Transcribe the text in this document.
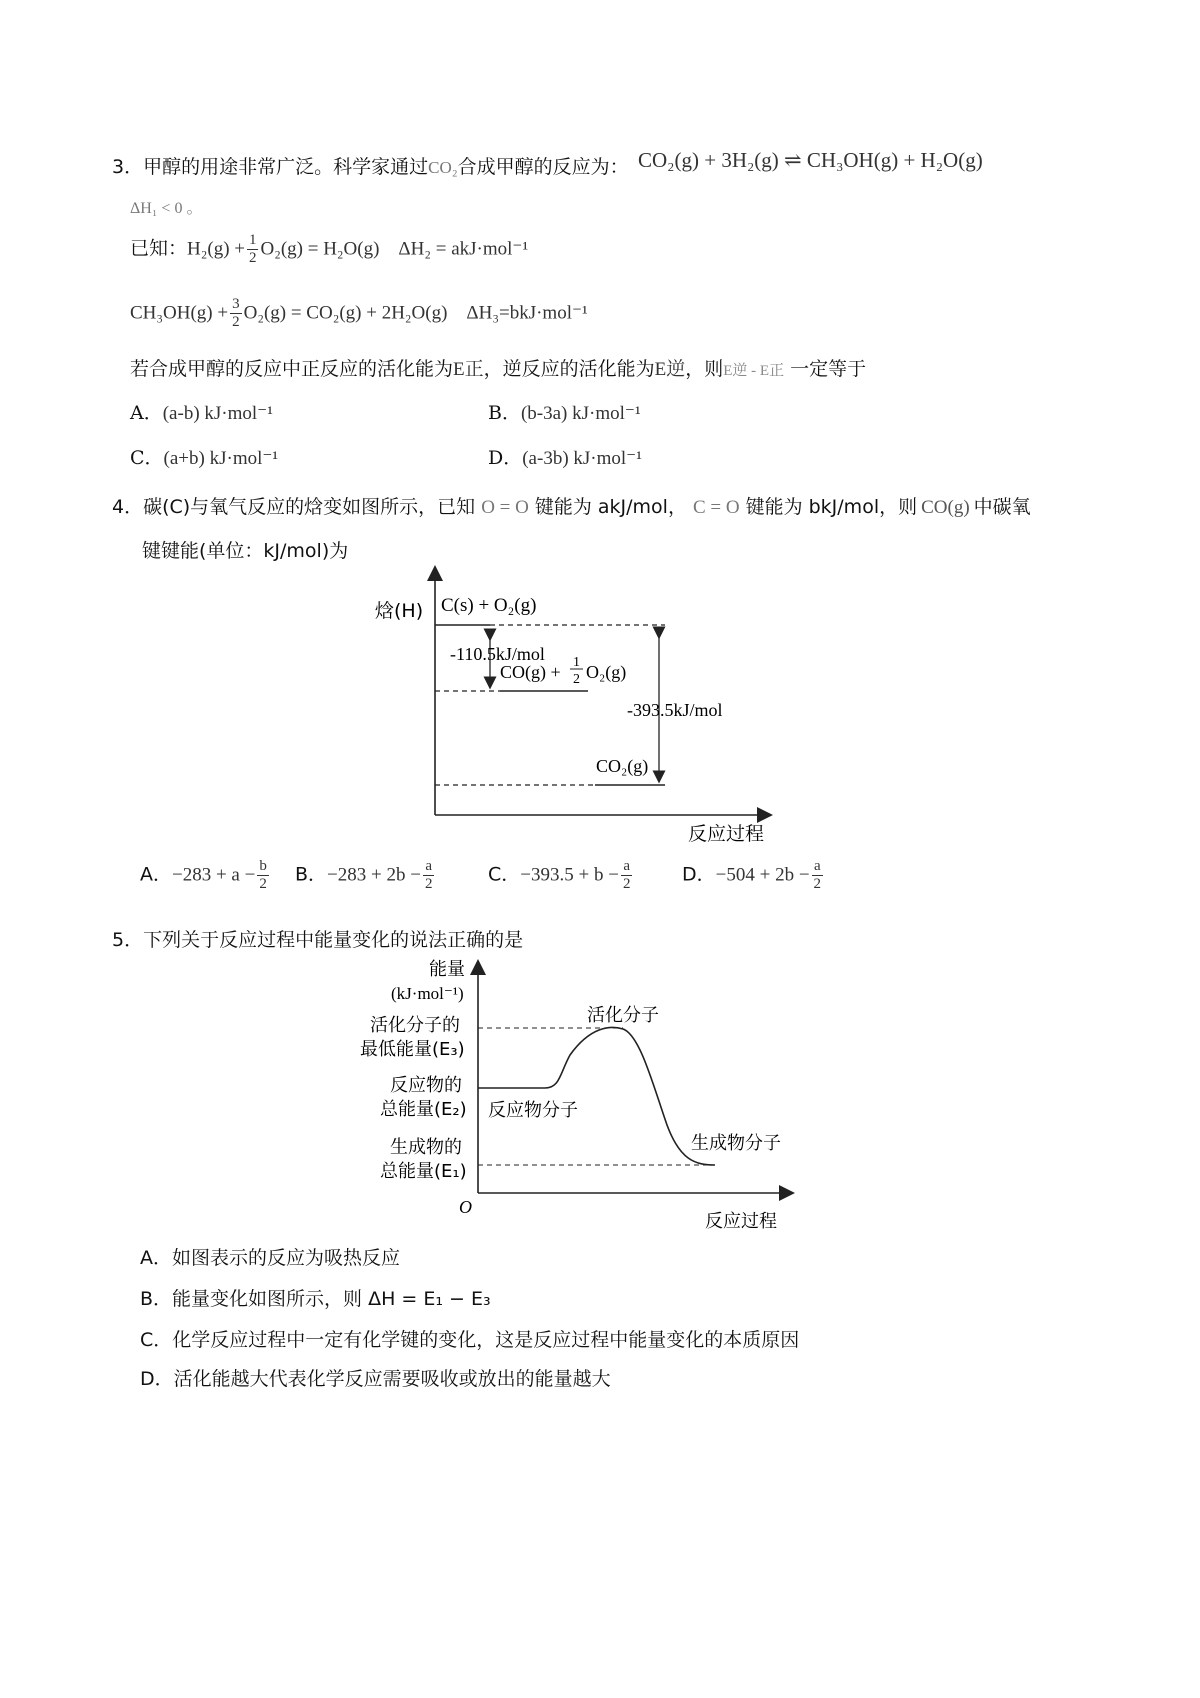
3．甲醇的用途非常广泛。科学家通过CO₂合成甲醇的反应为： CO₂(g) + 3H₂(g) ⇌ CH₃OH(g) + H₂O(g)
ΔH₁ < 0 。
已知：$H_2(g) + \frac{1}{2} O_2(g) = H_2O(g)$　ΔH₂ = akJ·mol⁻¹
$CH_3OH(g) + \frac{3}{2} O_2(g) = CO_2(g) + 2H_2O(g)$　ΔH₃=bkJ·mol⁻¹
若合成甲醇的反应中正反应的活化能为E正，逆反应的活化能为E逆，则E逆 - E正 一定等于
A．(a-b) kJ·mol⁻¹	B．(b-3a) kJ·mol⁻¹
C．(a+b) kJ·mol⁻¹	D．(a-3b) kJ·mol⁻¹
4．碳(C)与氧气反应的焓变如图所示，已知 O = O 键能为 akJ/mol， C = O 键能为 bkJ/mol，则 CO(g) 中碳氧
键键能(单位：kJ/mol)为
焓(H) C(s) + O₂(g)
-110.5kJ/mol
CO(g) + 1
2 O₂(g)
-393.5kJ/mol
CO₂(g)
反应过程
A．$-283 + a - \frac{b}{2}$ B．$-283 + 2b - \frac{a}{2}$	C．$-393.5 + b - \frac{a}{2}$	D．$-504 + 2b - \frac{a}{2}$
5．下列关于反应过程中能量变化的说法正确的是
能量
(kJ·mol⁻¹)
活化分子的
最低能量(E₃)
反应物的
总能量(E₂)
生成物的
总能量(E₁)
O
活化分子
反应物分子
生成物分子
反应过程
A．如图表示的反应为吸热反应
B．能量变化如图所示，则 ΔH = E₁ − E₃
C．化学反应过程中一定有化学键的变化，这是反应过程中能量变化的本质原因
D．活化能越大代表化学反应需要吸收或放出的能量越大
